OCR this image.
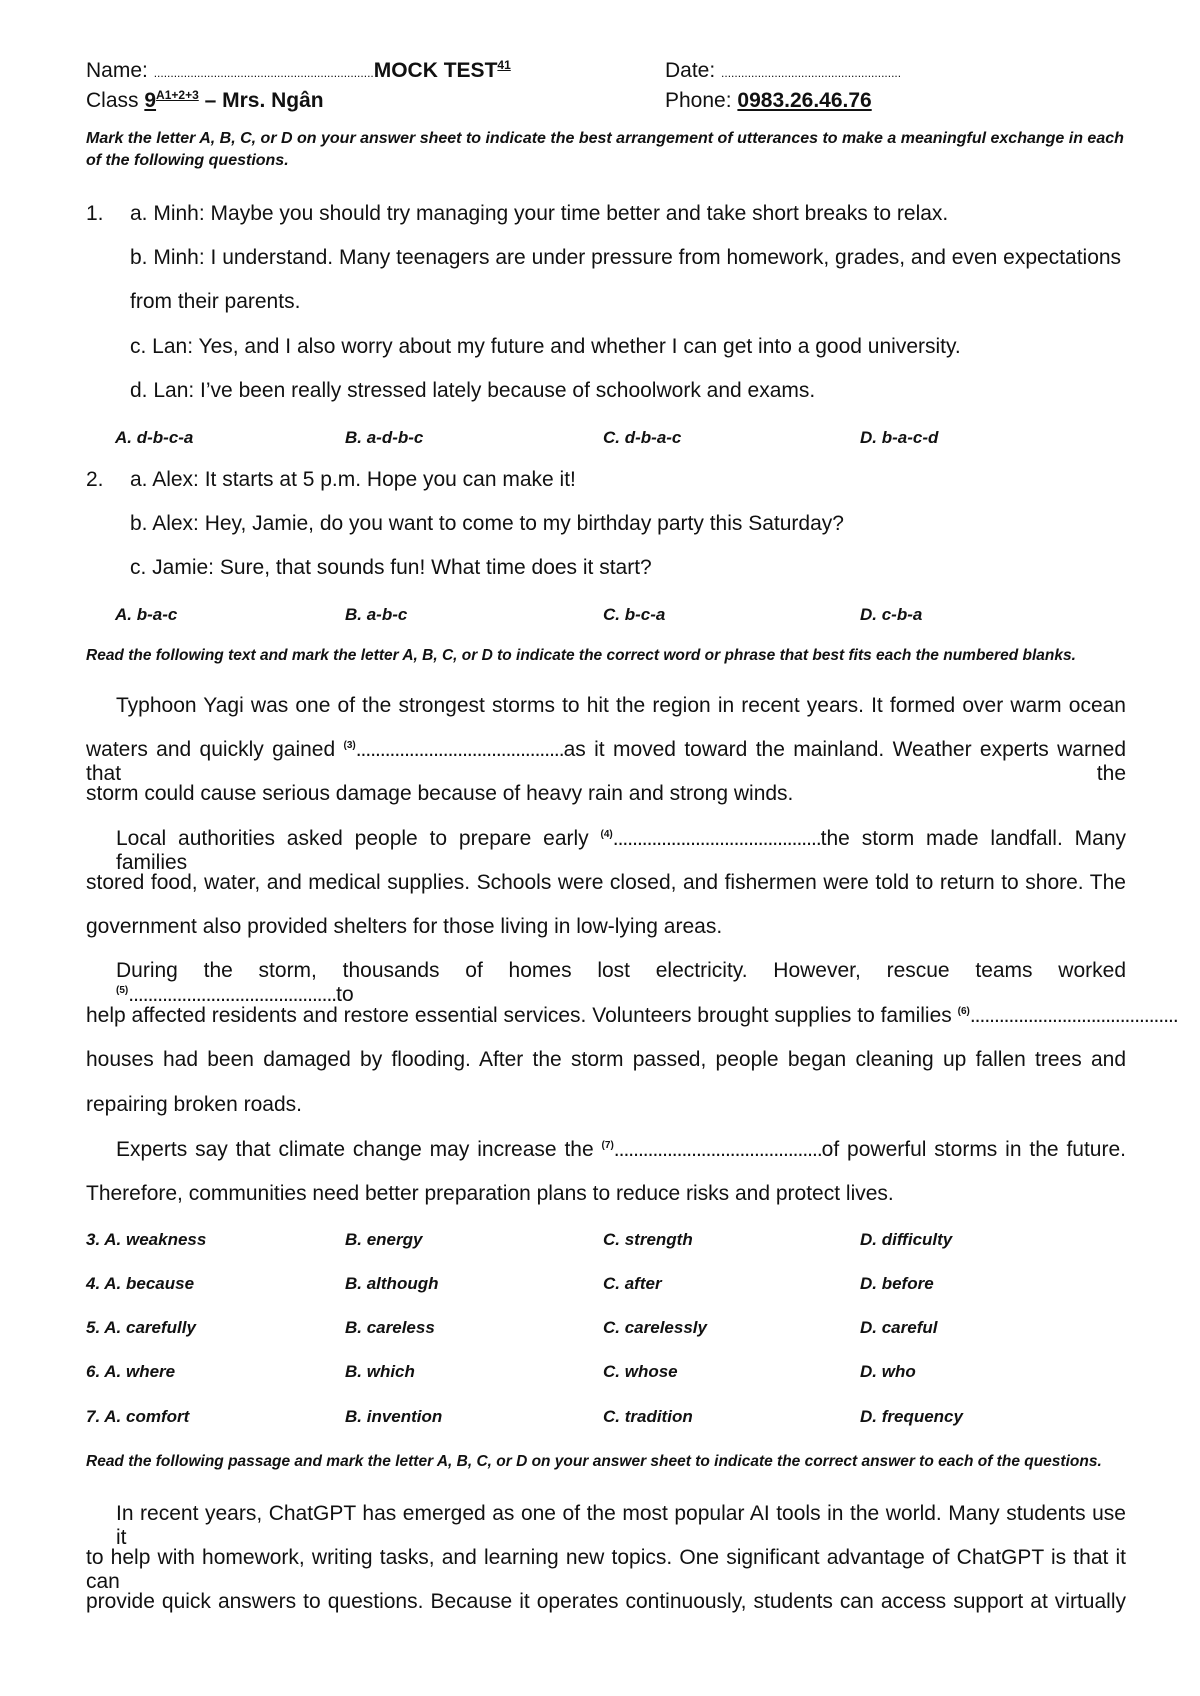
Name: ..................................................................MOCK TEST$^{41}$	Date: ......................................................
Class $9^{A1+2+3}$ – Mrs. Ngân	Phone: 0983.26.46.76
Mark the letter A, B, C, or D on your answer sheet to indicate the best arrangement of utterances to make a meaningful exchange in each of the following questions.
1. a. Minh: Maybe you should try managing your time better and take short breaks to relax.
b. Minh: I understand. Many teenagers are under pressure from homework, grades, and even expectations
from their parents.
c. Lan: Yes, and I also worry about my future and whether I can get into a good university.
d. Lan: I’ve been really stressed lately because of schoolwork and exams.
A. d-b-c-a	B. a-d-b-c	C. d-b-a-c	D. b-a-c-d
2. a. Alex: It starts at 5 p.m. Hope you can make it!
b. Alex: Hey, Jamie, do you want to come to my birthday party this Saturday?
c. Jamie: Sure, that sounds fun! What time does it start?
A. b-a-c	B. a-b-c	C. b-c-a	D. c-b-a
Read the following text and mark the letter A, B, C, or D to indicate the correct word or phrase that best fits each the numbered blanks.
Typhoon Yagi was one of the strongest storms to hit the region in recent years. It formed over warm ocean
waters and quickly gained $^{(3)}$...........................................as it moved toward the mainland. Weather experts warned that the
storm could cause serious damage because of heavy rain and strong winds.
Local authorities asked people to prepare early $^{(4)}$...........................................the storm made landfall. Many families
stored food, water, and medical supplies. Schools were closed, and fishermen were told to return to shore. The
government also provided shelters for those living in low-lying areas.
During the storm, thousands of homes lost electricity. However, rescue teams worked $^{(5)}$...........................................to
help affected residents and restore essential services. Volunteers brought supplies to families $^{(6)}$...........................................
houses had been damaged by flooding. After the storm passed, people began cleaning up fallen trees and
repairing broken roads.
Experts say that climate change may increase the $^{(7)}$...........................................of powerful storms in the future.
Therefore, communities need better preparation plans to reduce risks and protect lives.
3. A. weakness	B. energy	C. strength	D. difficulty
4. A. because	B. although	C. after	D. before
5. A. carefully	B. careless	C. carelessly	D. careful
6. A. where	B. which	C. whose	D. who
7. A. comfort	B. invention	C. tradition	D. frequency
Read the following passage and mark the letter A, B, C, or D on your answer sheet to indicate the correct answer to each of the questions.
In recent years, ChatGPT has emerged as one of the most popular AI tools in the world. Many students use it
to help with homework, writing tasks, and learning new topics. One significant advantage of ChatGPT is that it can
provide quick answers to questions. Because it operates continuously, students can access support at virtually
